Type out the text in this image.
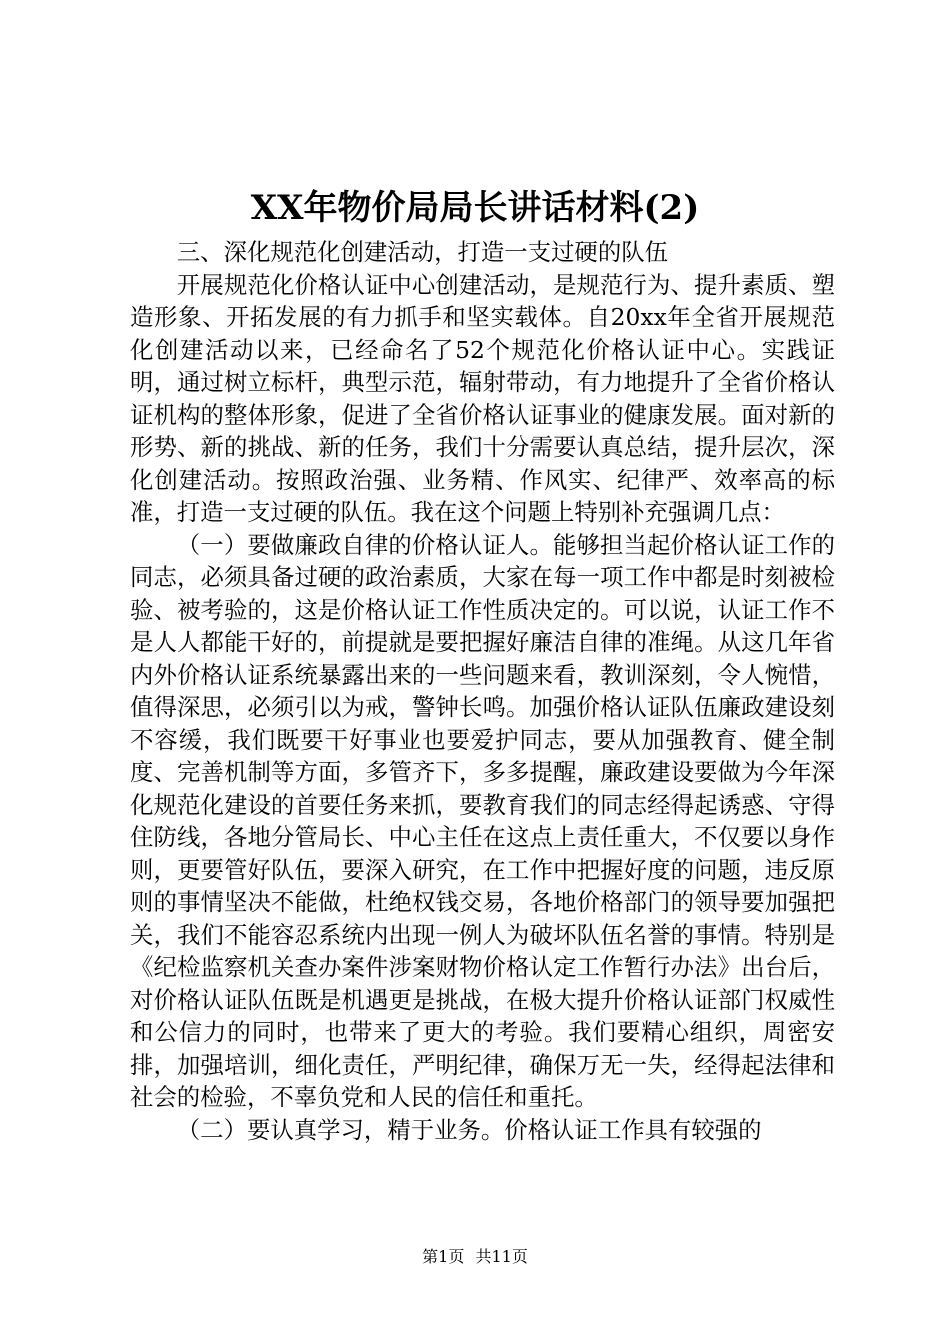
XX年物价局局长讲话材料(2)

三、深化规范化创建活动，打造一支过硬的队伍

开展规范化价格认证中心创建活动，是规范行为、提升素质、塑造形象、开拓发展的有力抓手和坚实载体。自20xx年全省开展规范化创建活动以来，已经命名了52个规范化价格认证中心。实践证明，通过树立标杆，典型示范，辐射带动，有力地提升了全省价格认证机构的整体形象，促进了全省价格认证事业的健康发展。面对新的形势、新的挑战、新的任务，我们十分需要认真总结，提升层次，深化创建活动。按照政治强、业务精、作风实、纪律严、效率高的标准，打造一支过硬的队伍。我在这个问题上特别补充强调几点：

（一）要做廉政自律的价格认证人。能够担当起价格认证工作的同志，必须具备过硬的政治素质，大家在每一项工作中都是时刻被检验、被考验的，这是价格认证工作性质决定的。可以说，认证工作不是人人都能干好的，前提就是要把握好廉洁自律的准绳。从这几年省内外价格认证系统暴露出来的一些问题来看，教训深刻，令人惋惜，值得深思，必须引以为戒，警钟长鸣。加强价格认证队伍廉政建设刻不容缓，我们既要干好事业也要爱护同志，要从加强教育、健全制度、完善机制等方面，多管齐下，多多提醒，廉政建设要做为今年深化规范化建设的首要任务来抓，要教育我们的同志经得起诱惑、守得住防线，各地分管局长、中心主任在这点上责任重大，不仅要以身作则，更要管好队伍，要深入研究，在工作中把握好度的问题，违反原则的事情坚决不能做，杜绝权钱交易，各地价格部门的领导要加强把关，我们不能容忍系统内出现一例人为破坏队伍名誉的事情。特别是《纪检监察机关查办案件涉案财物价格认定工作暂行办法》出台后，对价格认证队伍既是机遇更是挑战，在极大提升价格认证部门权威性和公信力的同时，也带来了更大的考验。我们要精心组织，周密安排，加强培训，细化责任，严明纪律，确保万无一失，经得起法律和社会的检验，不辜负党和人民的信任和重托。

（二）要认真学习，精于业务。价格认证工作具有较强的

第1页 共11页
